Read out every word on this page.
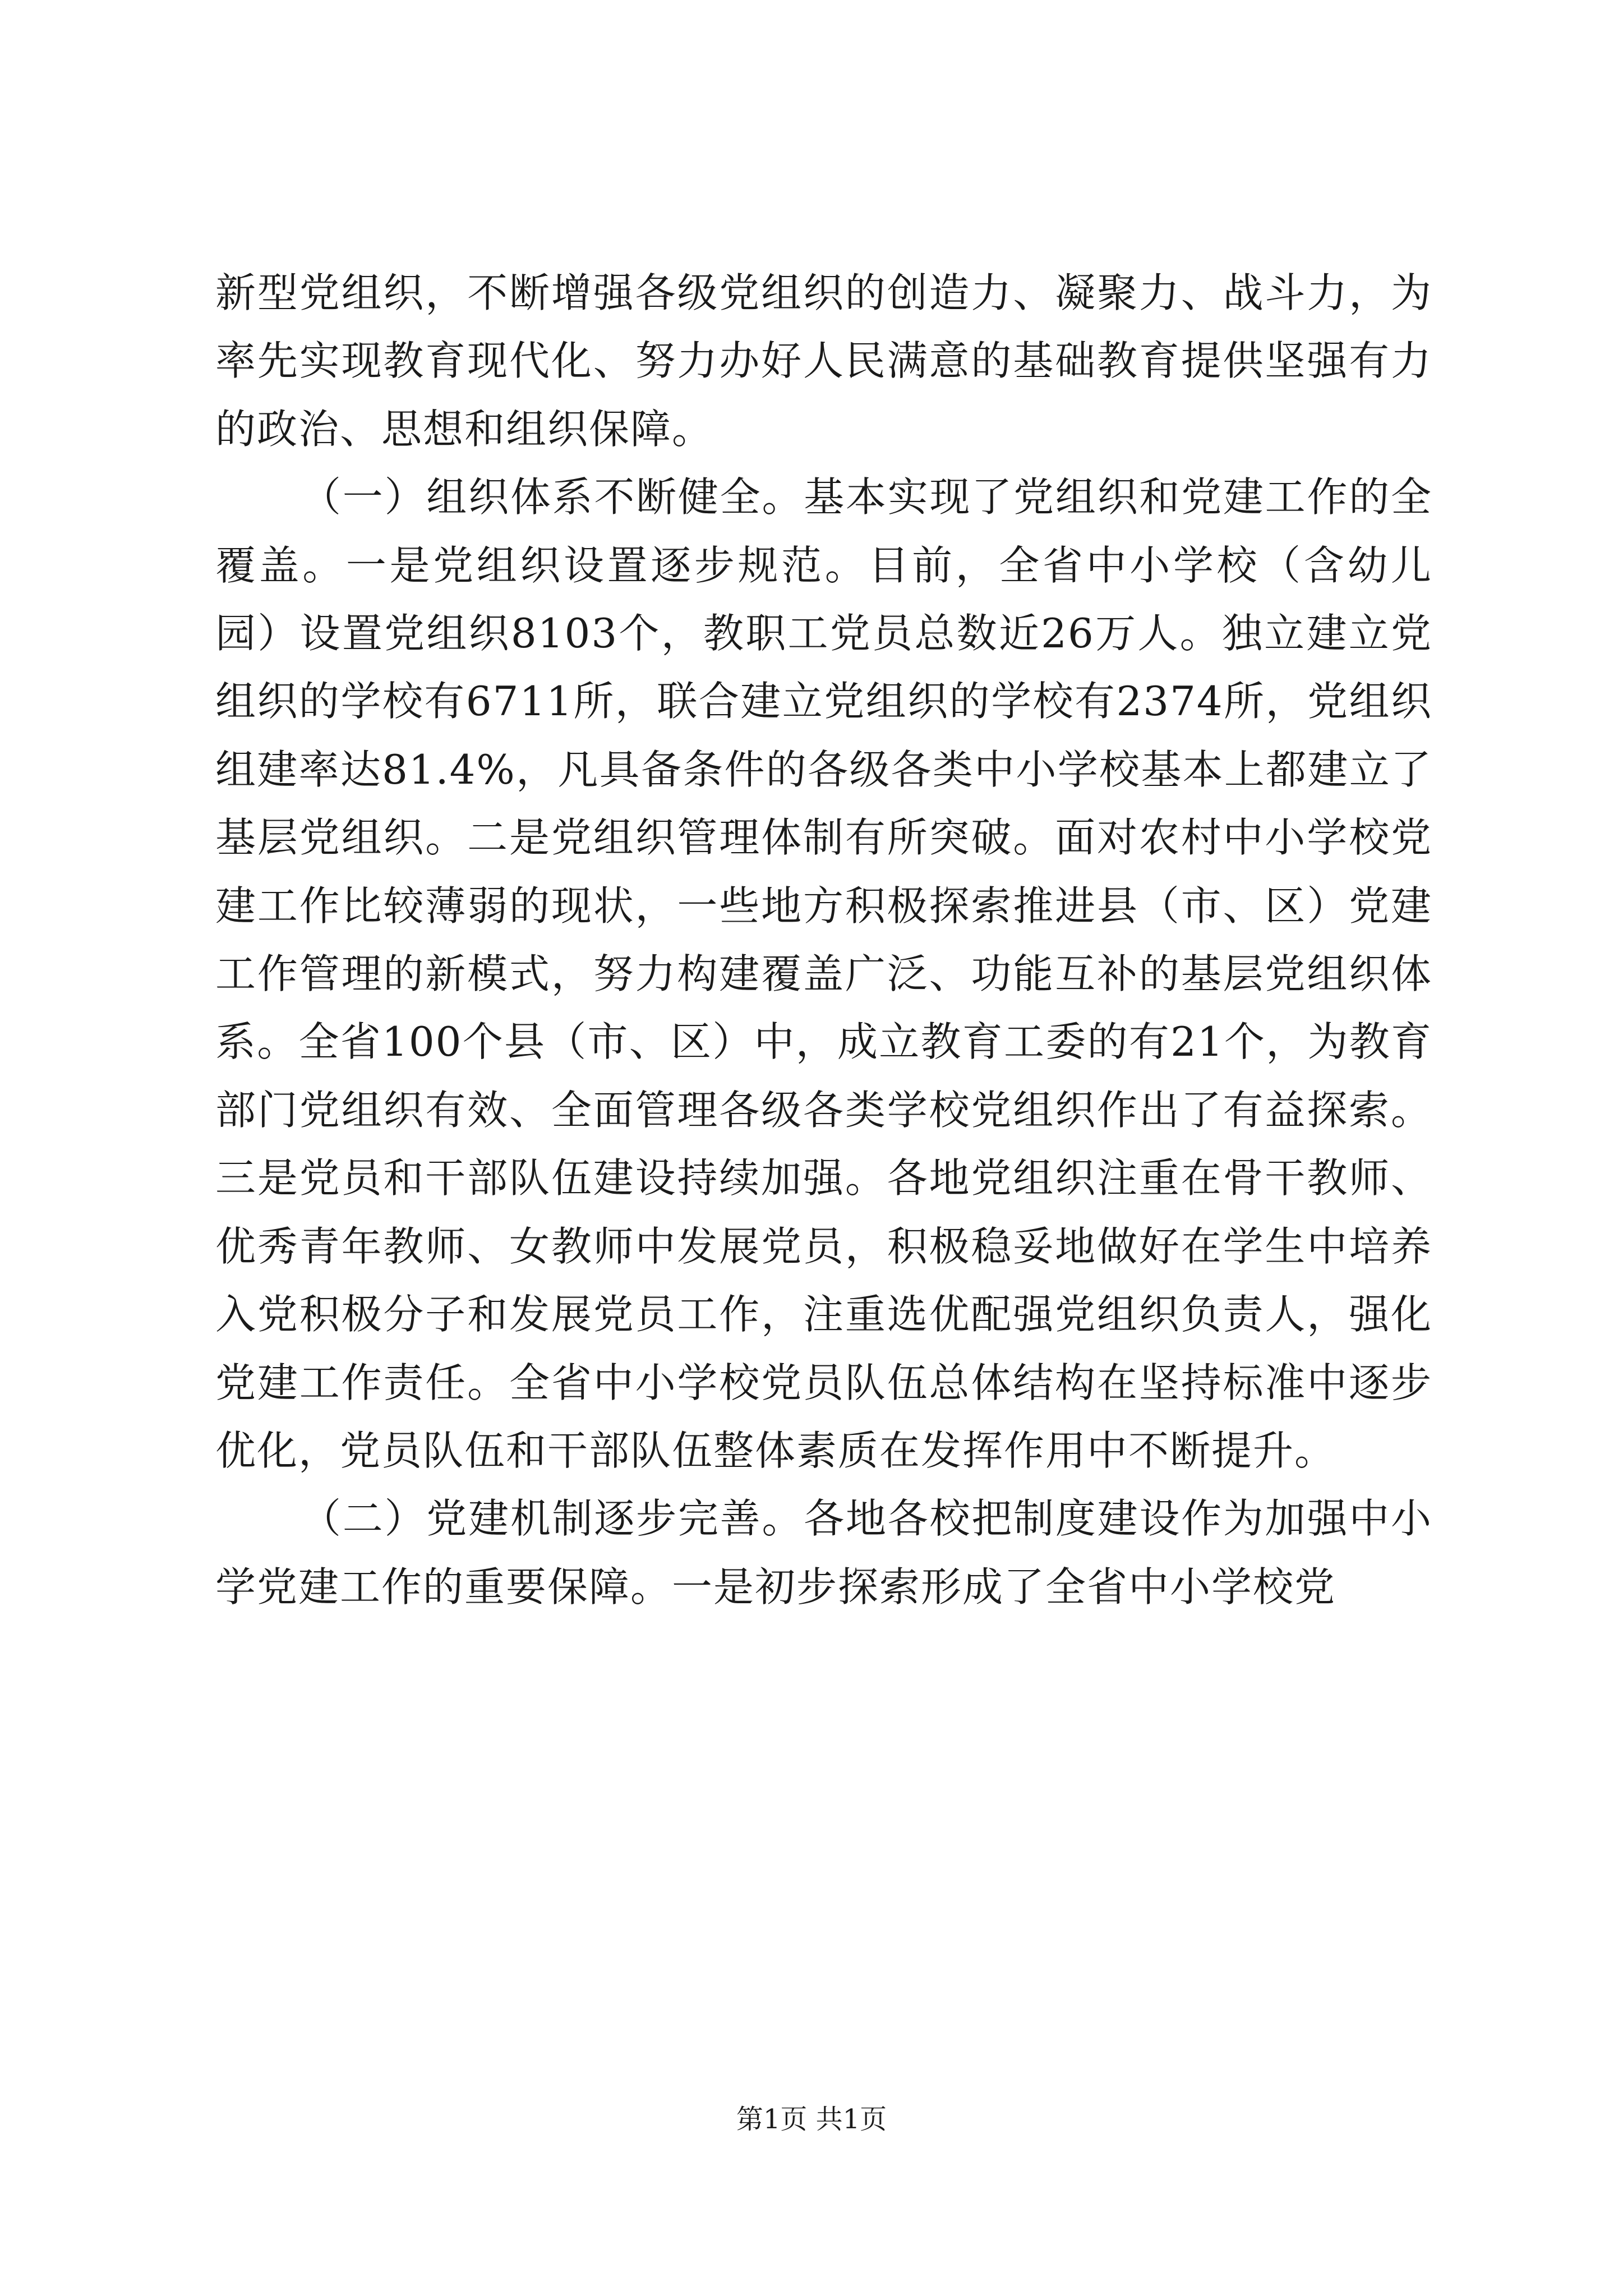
新型党组织，不断增强各级党组织的创造力、凝聚力、战斗力，为率先实现教育现代化、努力办好人民满意的基础教育提供坚强有力的政治、思想和组织保障。

（一）组织体系不断健全。基本实现了党组织和党建工作的全覆盖。一是党组织设置逐步规范。目前，全省中小学校（含幼儿园）设置党组织8103个，教职工党员总数近26万人。独立建立党组织的学校有6711所，联合建立党组织的学校有2374所，党组织组建率达81.4%，凡具备条件的各级各类中小学校基本上都建立了基层党组织。二是党组织管理体制有所突破。面对农村中小学校党建工作比较薄弱的现状，一些地方积极探索推进县（市、区）党建工作管理的新模式，努力构建覆盖广泛、功能互补的基层党组织体系。全省100个县（市、区）中，成立教育工委的有21个，为教育部门党组织有效、全面管理各级各类学校党组织作出了有益探索。三是党员和干部队伍建设持续加强。各地党组织注重在骨干教师、优秀青年教师、女教师中发展党员，积极稳妥地做好在学生中培养入党积极分子和发展党员工作，注重选优配强党组织负责人，强化党建工作责任。全省中小学校党员队伍总体结构在坚持标准中逐步优化，党员队伍和干部队伍整体素质在发挥作用中不断提升。

（二）党建机制逐步完善。各地各校把制度建设作为加强中小学党建工作的重要保障。一是初步探索形成了全省中小学校党

第1页 共1页
